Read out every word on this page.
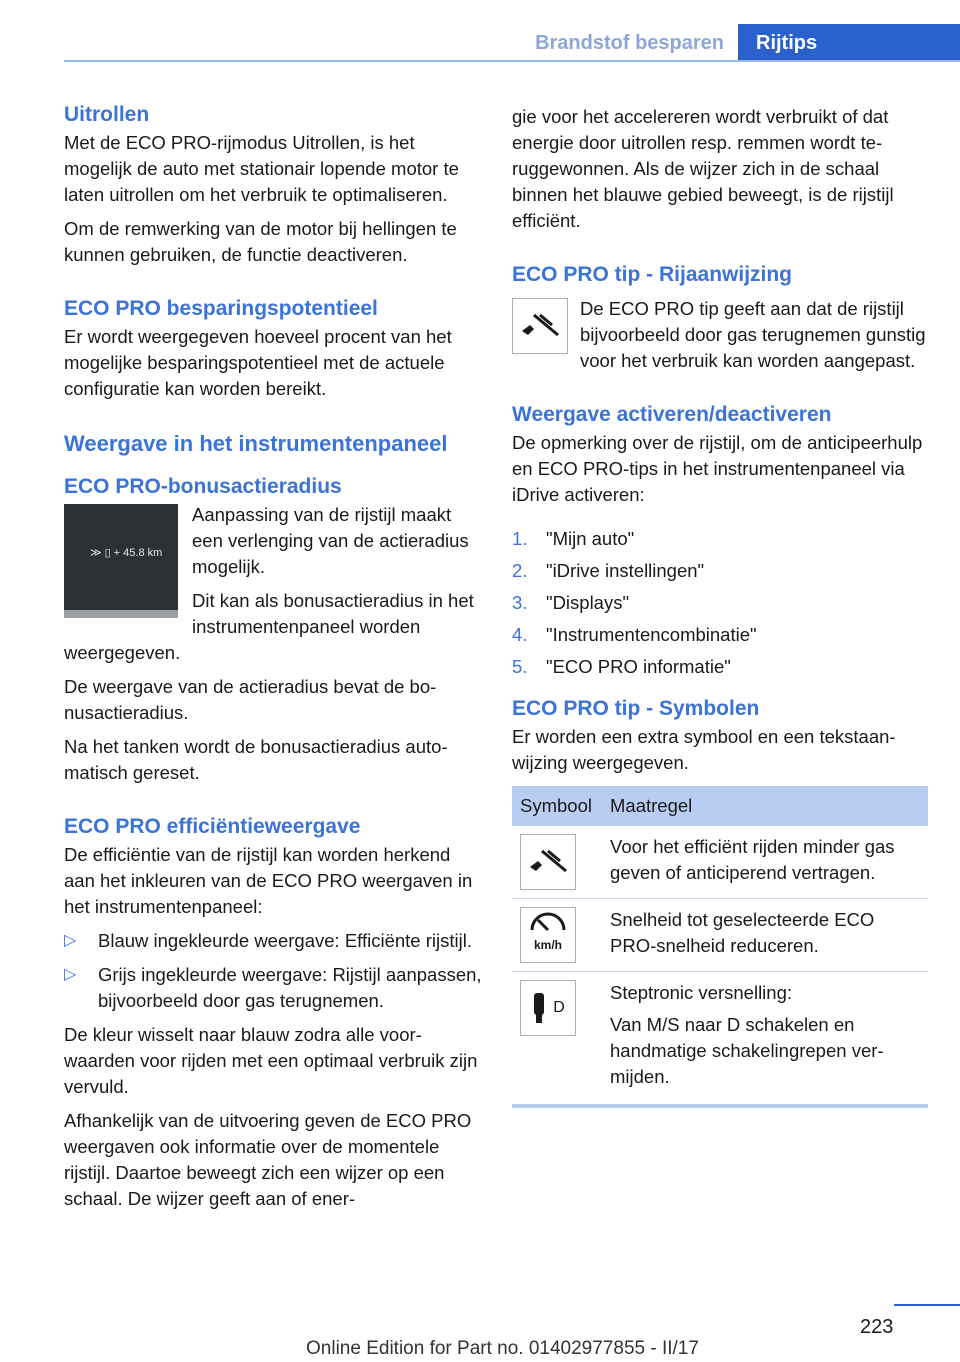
Brandstof besparen	Rijtips
Uitrollen

Met de ECO PRO-rijmodus Uitrollen, is het mogelijk de auto met stationair lopende motor te laten uitrollen om het verbruik te optimaliseren.

Om de remwerking van de motor bij hellingen te kunnen gebruiken, de functie deactiveren.

ECO PRO besparingspotentieel

Er wordt weergegeven hoeveel procent van het mogelijke besparingspotentieel met de actuele configuratie kan worden bereikt.

Weergave in het instrumentenpaneel
ECO PRO-bonusactieradius
≫ ▯ + 45.8 km

Aanpassing van de rijstijl maakt een verlenging van de actieradius mogelijk.

Dit kan als bonusactieradius in het instrumentenpaneel worden weergegeven.

De weergave van de actieradius bevat de bonusactieradius.

Na het tanken wordt de bonusactieradius automatisch gereset.

ECO PRO efficiëntieweergave

De efficiëntie van de rijstijl kan worden herkend aan het inkleuren van de ECO PRO weergaven in het instrumentenpaneel:

▷ Blauw ingekleurde weergave: Efficiënte rijstijl.
▷ Grijs ingekleurde weergave: Rijstijl aanpassen, bijvoorbeeld door gas terugnemen.

De kleur wisselt naar blauw zodra alle voorwaarden voor rijden met een optimaal verbruik zijn vervuld.

Afhankelijk van de uitvoering geven de ECO PRO weergaven ook informatie over de momentele rijstijl. Daartoe beweegt zich een wijzer op een schaal. De wijzer geeft aan of ener-

gie voor het accelereren wordt verbruikt of dat energie door uitrollen resp. remmen wordt teruggewonnen. Als de wijzer zich in de schaal binnen het blauwe gebied beweegt, is de rijstijl efficiënt.

ECO PRO tip - Rijaanwijzing

De ECO PRO tip geeft aan dat de rijstijl bijvoorbeeld door gas terugnemen gunstig voor het verbruik kan worden aangepast.

Weergave activeren/deactiveren

De opmerking over de rijstijl, om de anticipeerhulp en ECO PRO-tips in het instrumentenpaneel via iDrive activeren:

1. "Mijn auto"
2. "iDrive instellingen"
3. "Displays"
4. "Instrumentencombinatie"
5. "ECO PRO informatie"
ECO PRO tip - Symbolen

Er worden een extra symbool en een tekstaanwijzing weergegeven.

Symbool	Maatregel

	Voor het efficiënt rijden minder gas geven of anticiperend vertragen.

km/h	Snelheid tot geselecteerde ECO PRO-snelheid reduceren.

D	Steptronic versnelling:

Van M/S naar D schakelen en handmatige schakelingrepen vermijden.

223
Online Edition for Part no. 01402977855 - II/17
